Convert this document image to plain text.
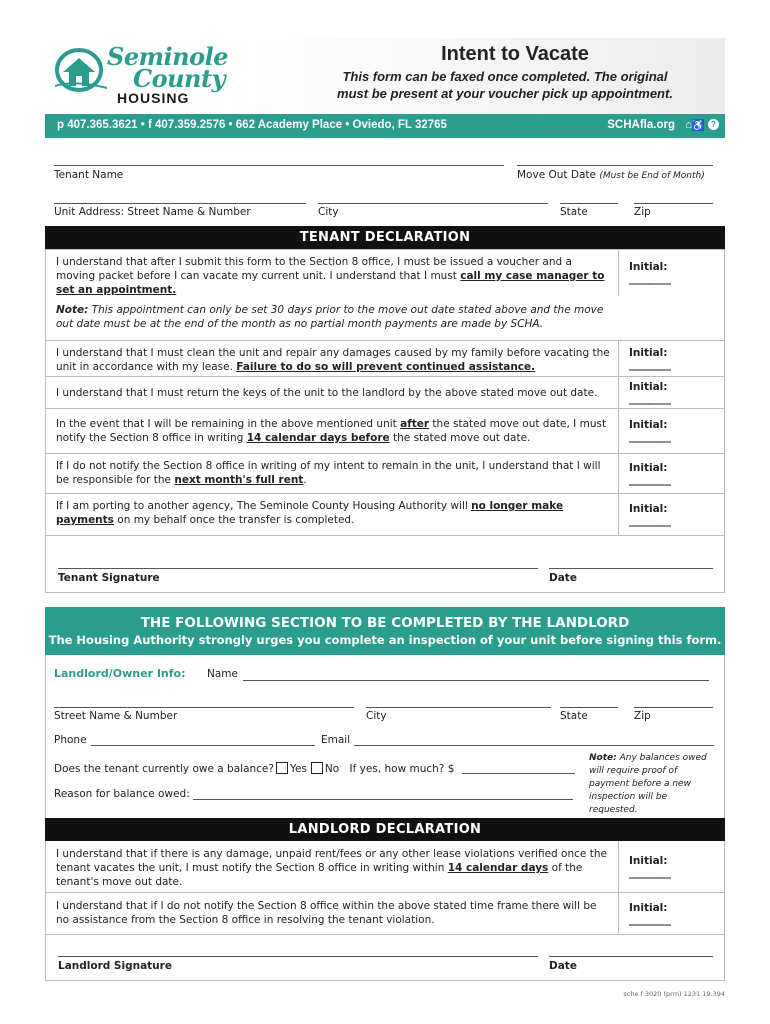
Seminole
County
HOUSING
Intent to Vacate
This form can be faxed once completed. The original
must be present at your voucher pick up appointment.
p 407.365.3621 • f 407.359.2576 • 662 Academy Place • Oviedo, FL 32765	SCHAfla.org ⌂ ♿ ?
Tenant Name	Move Out Date (Must be End of Month)
Unit Address: Street Name & Number	City	State	Zip
TENANT DECLARATION
I understand that after I submit this form to the Section 8 office, I must be issued a voucher and a moving packet before I can vacate my current unit. I understand that I must call my case manager to set an appointment.
Note: This appointment can only be set 30 days prior to the move out date stated above and the move out date must be at the end of the month as no partial month payments are made by SCHA.
Initial: ________
I understand that I must clean the unit and repair any damages caused by my family before vacating the unit in accordance with my lease. Failure to do so will prevent continued assistance.
Initial: ________
I understand that I must return the keys of the unit to the landlord by the above stated move out date.
Initial: ________
In the event that I will be remaining in the above mentioned unit after the stated move out date, I must notify the Section 8 office in writing 14 calendar days before the stated move out date.
Initial: ________
If I do not notify the Section 8 office in writing of my intent to remain in the unit, I understand that I will be responsible for the next month's full rent.
Initial: ________
If I am porting to another agency, The Seminole County Housing Authority will no longer make payments on my behalf once the transfer is completed.
Initial: ________
Tenant Signature	Date
THE FOLLOWING SECTION TO BE COMPLETED BY THE LANDLORD
The Housing Authority strongly urges you complete an inspection of your unit before signing this form.
Landlord/Owner Info: Name
Street Name & Number	City	State	Zip
Phone	Email
Does the tenant currently owe a balance? Yes No If yes, how much? $
Reason for balance owed:
Note: Any balances owed will require proof of payment before a new inspection will be requested.
LANDLORD DECLARATION
I understand that if there is any damage, unpaid rent/fees or any other lease violations verified once the tenant vacates the unit, I must notify the Section 8 office in writing within 14 calendar days of the tenant's move out date.
Initial: ________
I understand that if I do not notify the Section 8 office within the above stated time frame there will be no assistance from the Section 8 office in resolving the tenant violation.
Initial: ________
Landlord Signature	Date
sche f 3020 (prm) 1231 19.394
